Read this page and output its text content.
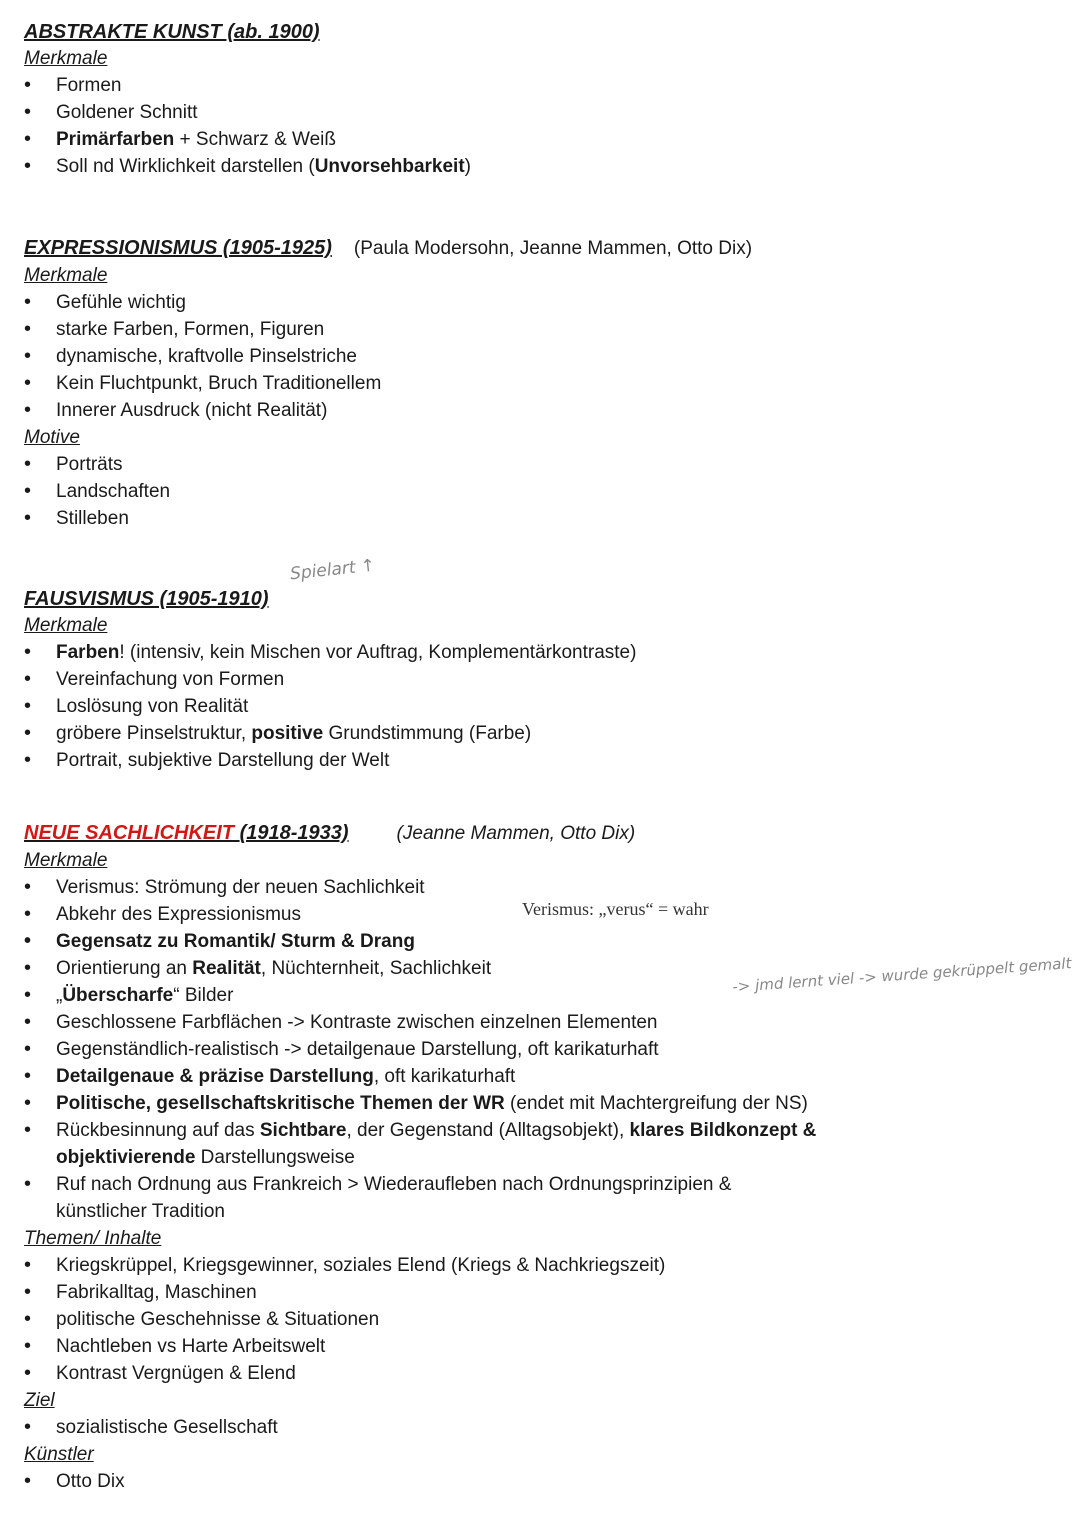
ABSTRAKTE KUNST (ab. 1900)
Merkmale
• Formen
• Goldener Schnitt
• Primärfarben + Schwarz & Weiß
• Soll nd Wirklichkeit darstellen (Unvorsehbarkeit)
EXPRESSIONISMUS (1905-1925) (Paula Modersohn, Jeanne Mammen, Otto Dix)
Merkmale
• Gefühle wichtig
• starke Farben, Formen, Figuren
• dynamische, kraftvolle Pinselstriche
• Kein Fluchtpunkt, Bruch Traditionellem
• Innerer Ausdruck (nicht Realität)
Motive
• Porträts
• Landschaften
• Stilleben
Spielart ↑
FAUSVISMUS (1905-1910)
Merkmale
• Farben! (intensiv, kein Mischen vor Auftrag, Komplementärkontraste)
• Vereinfachung von Formen
• Loslösung von Realität
• gröbere Pinselstruktur, positive Grundstimmung (Farbe)
• Portrait, subjektive Darstellung der Welt
NEUE SACHLICHKEIT (1918-1933)	(Jeanne Mammen, Otto Dix)
Merkmale
• Verismus: Strömung der neuen Sachlichkeit
• Abkehr des Expressionismus
• Gegensatz zu Romantik/ Sturm & Drang
• Orientierung an Realität, Nüchternheit, Sachlichkeit
• „Überscharfe“ Bilder
• Geschlossene Farbflächen -> Kontraste zwischen einzelnen Elementen
• Gegenständlich-realistisch -> detailgenaue Darstellung, oft karikaturhaft
• Detailgenaue & präzise Darstellung, oft karikaturhaft
• Politische, gesellschaftskritische Themen der WR (endet mit Machtergreifung der NS)
• Rückbesinnung auf das Sichtbare, der Gegenstand (Alltagsobjekt), klares Bildkonzept &
objektivierende Darstellungsweise
• Ruf nach Ordnung aus Frankreich > Wiederaufleben nach Ordnungsprinzipien &
künstlicher Tradition
Themen/ Inhalte
• Kriegskrüppel, Kriegsgewinner, soziales Elend (Kriegs & Nachkriegszeit)
• Fabrikalltag, Maschinen
• politische Geschehnisse & Situationen
• Nachtleben vs Harte Arbeitswelt
• Kontrast Vergnügen & Elend
Ziel
• sozialistische Gesellschaft
Künstler
• Otto Dix
Verismus: „verus“ = wahr
-> jmd lernt viel -> wurde gekrüppelt gemalt
